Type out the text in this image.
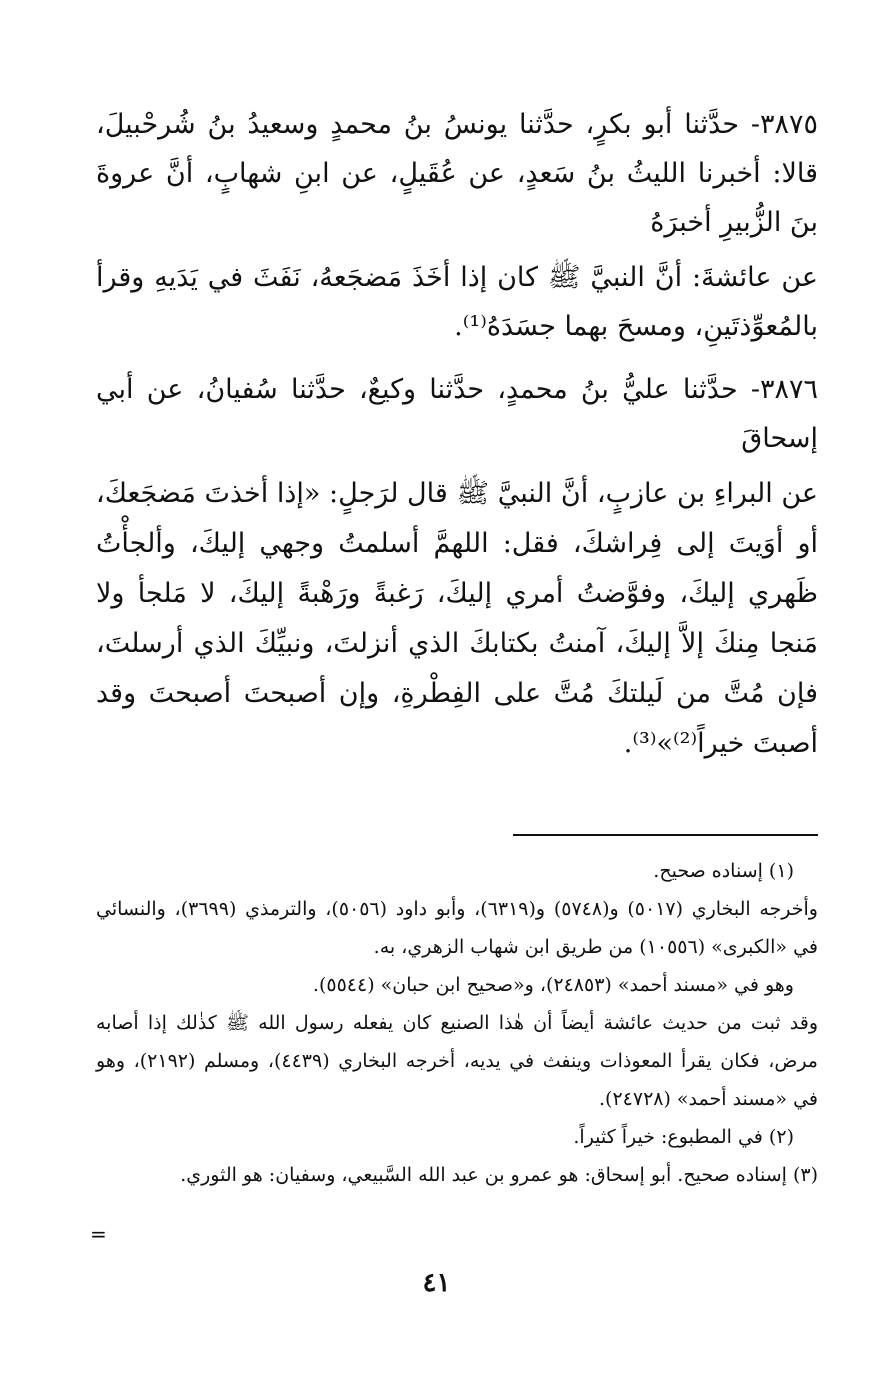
٣٨٧٥- حدَّثنا أبو بكرٍ، حدَّثنا يونسُ بنُ محمدٍ وسعيدُ بنُ شُرحْبيلَ، قالا: أخبرنا الليثُ بنُ سَعدٍ، عن عُقَيلٍ، عن ابنِ شهابٍ، أنَّ عروةَ بنَ الزُّبيرِ أخبرَهُ

عن عائشةَ: أنَّ النبيَّ ﷺ كان إذا أخَذَ مَضجَعهُ، نَفَثَ في يَدَيهِ وقرأ بالمُعوِّذتَينِ، ومسحَ بهما جسَدَهُ⁽¹⁾.

٣٨٧٦- حدَّثنا عليُّ بنُ محمدٍ، حدَّثنا وكيعٌ، حدَّثنا سُفيانُ، عن أبي إسحاقَ

عن البراءِ بن عازبٍ، أنَّ النبيَّ ﷺ قال لرَجلٍ: «إذا أخذتَ مَضجَعكَ، أو أوَيتَ إلى فِراشكَ، فقل: اللهمَّ أسلمتُ وجهي إليكَ، وألجأْتُ ظَهري إليكَ، وفوَّضتُ أمري إليكَ، رَغبةً ورَهْبةً إليكَ، لا مَلجأ ولا مَنجا مِنكَ إلاَّ إليكَ، آمنتُ بكتابكَ الذي أنزلتَ، ونبيِّكَ الذي أرسلتَ، فإن مُتَّ من لَيلتكَ مُتَّ على الفِطْرةِ، وإن أصبحتَ أصبحتَ وقد أصبتَ خيراً⁽²⁾»⁽³⁾.

(١) إسناده صحيح.

وأخرجه البخاري (٥٠١٧) و(٥٧٤٨) و(٦٣١٩)، وأبو داود (٥٠٥٦)، والترمذي (٣٦٩٩)، والنسائي في «الكبرى» (١٠٥٥٦) من طريق ابن شهاب الزهري، به.

وهو في «مسند أحمد» (٢٤٨٥٣)، و«صحيح ابن حبان» (٥٥٤٤).

وقد ثبت من حديث عائشة أيضاً أن هٰذا الصنيع كان يفعله رسول الله ﷺ كذٰلك إذا أصابه مرض، فكان يقرأ المعوذات وينفث في يديه، أخرجه البخاري (٤٤٣٩)، ومسلم (٢١٩٢)، وهو في «مسند أحمد» (٢٤٧٢٨).

(٢) في المطبوع: خيراً كثيراً.

(٣) إسناده صحيح. أبو إسحاق: هو عمرو بن عبد الله السَّبيعي، وسفيان: هو الثوري.

=
٤١
